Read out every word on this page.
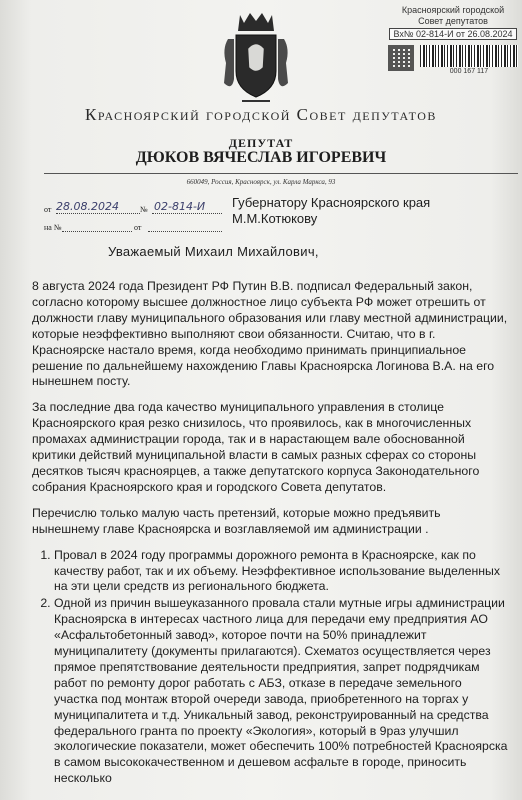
Красноярский городской
Совет депутатов
Вх№ 02-814-И от 26.08.2024
000 167 117
Красноярский городской Совет депутатов
ДЕПУТАТ
ДЮКОВ ВЯЧЕСЛАВ ИГОРЕВИЧ
660049, Россия, Красноярск, ул. Карла Маркса, 93
от 28.08.2024	№ 02-814-И
на №	от
Губернатору Красноярского края
М.М.Котюкову
Уважаемый Михаил Михайлович,

8 августа 2024 года Президент РФ Путин В.В. подписал Федеральный закон, согласно которому высшее должностное лицо субъекта РФ может отрешить от должности главу муниципального образования или главу местной администрации, которые неэффективно выполняют свои обязанности. Считаю, что в г. Красноярске настало время, когда необходимо принимать принципиальное решение по дальнейшему нахождению Главы Красноярска Логинова В.А. на его нынешнем посту.

За последние два года качество муниципального управления в столице Красноярского края резко снизилось, что проявилось, как в многочисленных промахах администрации города, так и в нарастающем вале обоснованной критики действий муниципальной власти в самых разных сферах со стороны десятков тысяч красноярцев, а также депутатского корпуса Законодательного собрания Красноярского края и городского Совета депутатов.

Перечислю только малую часть претензий, которые можно предъявить нынешнему главе Красноярска и возглавляемой им администрации .

1. Провал в 2024 году программы дорожного ремонта в Красноярске, как по качеству работ, так и их объему. Неэффективное использование выделенных на эти цели средств из регионального бюджета.
2. Одной из причин вышеуказанного провала стали мутные игры администрации Красноярска в интересах частного лица для передачи ему предприятия АО «Асфальтобетонный завод», которое почти на 50% принадлежит муниципалитету (документы прилагаются). Схематоз осуществляется через прямое препятствование деятельности предприятия, запрет подрядчикам работ по ремонту дорог работать с АБЗ, отказе в передаче земельного участка под монтаж второй очереди завода, приобретенного на торгах у муниципалитета и т.д. Уникальный завод, реконструированный на средства федерального гранта по проекту «Экология», который в 9раз улучшил экологические показатели, может обеспечить 100% потребностей Красноярска в самом высококачественном и дешевом асфальте в городе, приносить несколько
